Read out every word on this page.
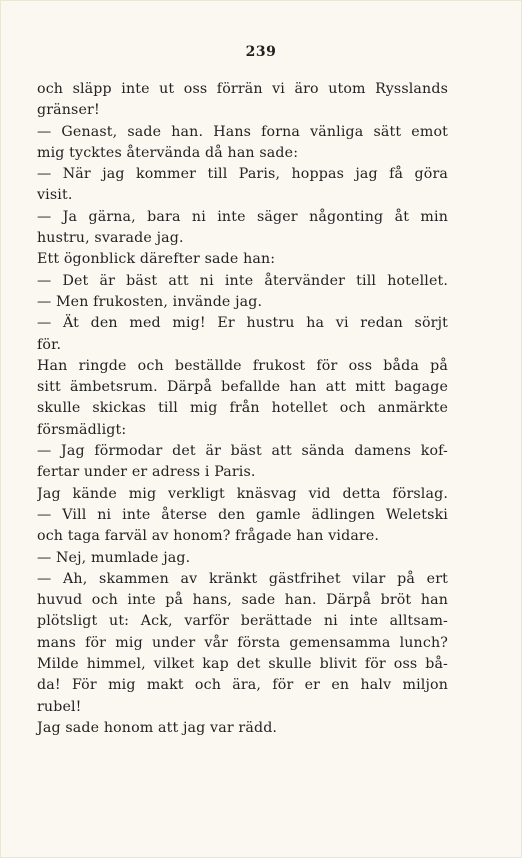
239
och släpp inte ut oss förrän vi äro utom Rysslands
gränser!
— Genast, sade han. Hans forna vänliga sätt emot
mig tycktes återvända då han sade:
— När jag kommer till Paris, hoppas jag få göra
visit.
— Ja gärna, bara ni inte säger någonting åt min
hustru, svarade jag.
Ett ögonblick därefter sade han:
— Det är bäst att ni inte återvänder till hotellet.
— Men frukosten, invände jag.
— Ät den med mig! Er hustru ha vi redan sörjt
för.
Han ringde och beställde frukost för oss båda på
sitt ämbetsrum. Därpå befallde han att mitt bagage
skulle skickas till mig från hotellet och anmärkte
försmädligt:
— Jag förmodar det är bäst att sända damens kof-
fertar under er adress i Paris.
Jag kände mig verkligt knäsvag vid detta förslag.
— Vill ni inte återse den gamle ädlingen Weletski
och taga farväl av honom? frågade han vidare.
— Nej, mumlade jag.
— Ah, skammen av kränkt gästfrihet vilar på ert
huvud och inte på hans, sade han. Därpå bröt han
plötsligt ut: Ack, varför berättade ni inte alltsam-
mans för mig under vår första gemensamma lunch?
Milde himmel, vilket kap det skulle blivit för oss bå-
da! För mig makt och ära, för er en halv miljon
rubel!
Jag sade honom att jag var rädd.
